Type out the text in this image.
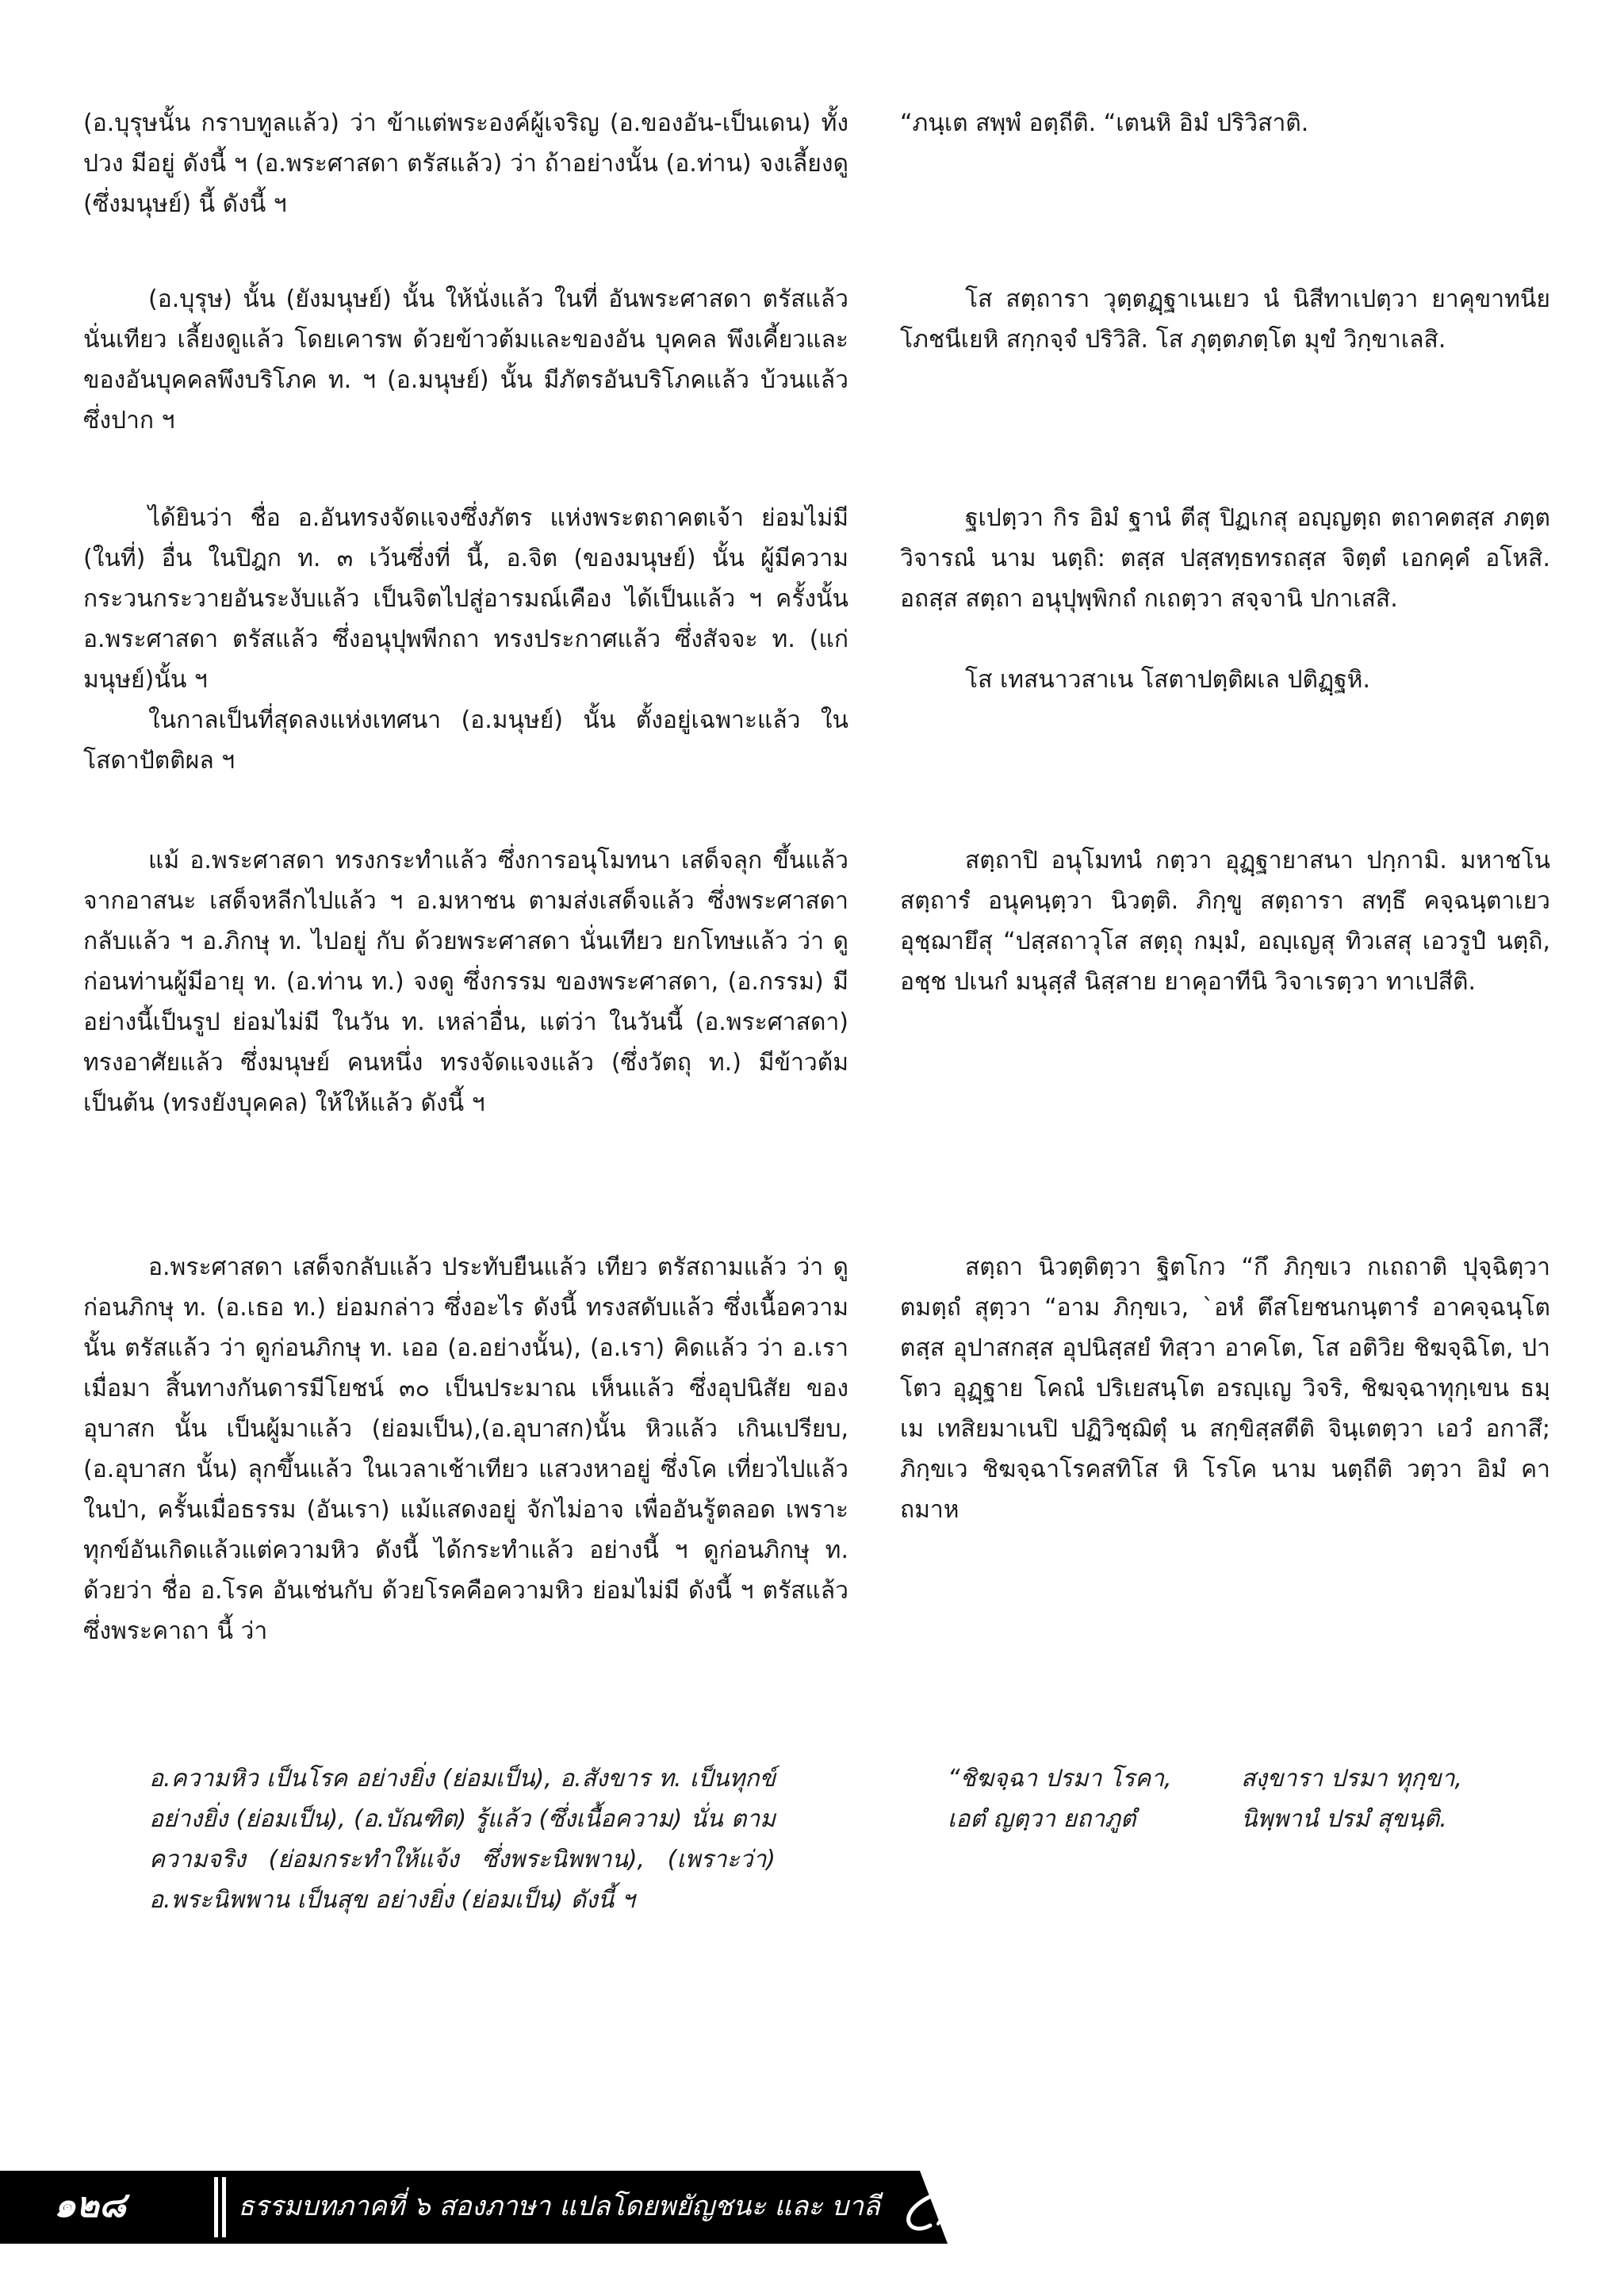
(อ.บุรุษนั้น กราบทูลแล้ว) ว่า ข้าแต่พระองค์ผู้เจริญ (อ.ของอัน-เป็นเดน) ทั้งปวง มีอยู่ ดังนี้ ฯ (อ.พระศาสดา ตรัสแล้ว) ว่า ถ้าอย่างนั้น (อ.ท่าน) จงเลี้ยงดู (ซึ่งมนุษย์) นี้ ดังนี้ ฯ

“ภนฺเต สพฺพํ อตฺถีติ. “เตนหิ อิมํ ปริวิสาติ.

(อ.บุรุษ) นั้น (ยังมนุษย์) นั้น ให้นั่งแล้ว ในที่ อันพระศาสดา ตรัสแล้วนั่นเทียว เลี้ยงดูแล้ว โดยเคารพ ด้วยข้าวต้มและของอัน บุคคล พึงเคี้ยวและของอันบุคคลพึงบริโภค ท. ฯ (อ.มนุษย์) นั้น มีภัตรอันบริโภคแล้ว บ้วนแล้ว ซึ่งปาก ฯ

โส สตฺถารา วุตฺตฏฺฐาเนเยว นํ นิสีทาเปตฺวา ยาคุขาทนียโภชนีเยหิ สกฺกจฺจํ ปริวิสิ. โส ภุตฺตภตฺโต มุขํ วิกฺขาเลสิ.

ได้ยินว่า ชื่อ อ.อันทรงจัดแจงซึ่งภัตร แห่งพระตถาคตเจ้า ย่อมไม่มี (ในที่) อื่น ในปิฎก ท. ๓ เว้นซึ่งที่ นี้, อ.จิต (ของมนุษย์) นั้น ผู้มีความกระวนกระวายอันระงับแล้ว เป็นจิตไปสู่อารมณ์เคือง ได้เป็นแล้ว ฯ ครั้งนั้น อ.พระศาสดา ตรัสแล้ว ซึ่งอนุปุพพีกถา ทรงประกาศแล้ว ซึ่งสัจจะ ท. (แก่มนุษย์)นั้น ฯ

ในกาลเป็นที่สุดลงแห่งเทศนา (อ.มนุษย์) นั้น ตั้งอยู่เฉพาะแล้ว ในโสดาปัตติผล ฯ

ฐเปตฺวา กิร อิมํ ฐานํ ตีสุ ปิฏเกสุ อญฺญตฺถ ตถาคตสฺส ภตฺตวิจารณํ นาม นตฺถิ: ตสฺส ปสฺสทฺธทรถสฺส จิตฺตํ เอกคฺคํ อโหสิ. อถสฺส สตฺถา อนุปุพฺพิกถํ กเถตฺวา สจฺจานิ ปกาเสสิ.

โส เทสนาวสาเน โสตาปตฺติผเล ปติฏฺฐหิ.

แม้ อ.พระศาสดา ทรงกระทำแล้ว ซึ่งการอนุโมทนา เสด็จลุก ขึ้นแล้ว จากอาสนะ เสด็จหลีกไปแล้ว ฯ อ.มหาชน ตามส่งเสด็จแล้ว ซึ่งพระศาสดา กลับแล้ว ฯ อ.ภิกษุ ท. ไปอยู่ กับ ด้วยพระศาสดา นั่นเทียว ยกโทษแล้ว ว่า ดูก่อนท่านผู้มีอายุ ท. (อ.ท่าน ท.) จงดู ซึ่งกรรม ของพระศาสดา, (อ.กรรม) มีอย่างนี้เป็นรูป ย่อมไม่มี ในวัน ท. เหล่าอื่น, แต่ว่า ในวันนี้ (อ.พระศาสดา) ทรงอาศัยแล้ว ซึ่งมนุษย์ คนหนึ่ง ทรงจัดแจงแล้ว (ซึ่งวัตถุ ท.) มีข้าวต้มเป็นต้น (ทรงยังบุคคล) ให้ให้แล้ว ดังนี้ ฯ

สตฺถาปิ อนุโมทนํ กตฺวา อุฏฺฐายาสนา ปกฺกามิ. มหาชโน สตฺถารํ อนุคนฺตฺวา นิวตฺติ. ภิกฺขู สตฺถารา สทฺธึ คจฺฉนฺตาเยว อุชฺฌายึสุ “ปสฺสถาวุโส สตฺถุ กมฺมํ, อญฺเญสุ ทิวเสสุ เอวรูปํ นตฺถิ, อชฺช ปเนกํ มนุสฺสํ นิสฺสาย ยาคุอาทีนิ วิจาเรตฺวา ทาเปสีติ.

อ.พระศาสดา เสด็จกลับแล้ว ประทับยืนแล้ว เทียว ตรัสถามแล้ว ว่า ดูก่อนภิกษุ ท. (อ.เธอ ท.) ย่อมกล่าว ซึ่งอะไร ดังนี้ ทรงสดับแล้ว ซึ่งเนื้อความ นั้น ตรัสแล้ว ว่า ดูก่อนภิกษุ ท. เออ (อ.อย่างนั้น), (อ.เรา) คิดแล้ว ว่า อ.เรา เมื่อมา สิ้นทางกันดารมีโยชน์ ๓๐ เป็นประมาณ เห็นแล้ว ซึ่งอุปนิสัย ของอุบาสก นั้น เป็นผู้มาแล้ว (ย่อมเป็น),(อ.อุบาสก)นั้น หิวแล้ว เกินเปรียบ, (อ.อุบาสก นั้น) ลุกขึ้นแล้ว ในเวลาเช้าเทียว แสวงหาอยู่ ซึ่งโค เที่ยวไปแล้ว ในป่า, ครั้นเมื่อธรรม (อันเรา) แม้แสดงอยู่ จักไม่อาจ เพื่ออันรู้ตลอด เพราะทุกข์อันเกิดแล้วแต่ความหิว ดังนี้ ได้กระทำแล้ว อย่างนี้ ฯ ดูก่อนภิกษุ ท. ด้วยว่า ชื่อ อ.โรค อันเช่นกับ ด้วยโรคคือความหิว ย่อมไม่มี ดังนี้ ฯ ตรัสแล้ว ซึ่งพระคาถา นี้ ว่า

สตฺถา นิวตฺติตฺวา ฐิตโกว “กึ ภิกฺขเว กเถถาติ ปุจฺฉิตฺวา ตมตฺถํ สุตฺวา “อาม ภิกฺขเว, `อหํ ตึสโยชนกนฺตารํ อาคจฺฉนฺโต ตสฺส อุปาสกสฺส อุปนิสฺสยํ ทิสฺวา อาคโต, โส อติวิย ชิฆจฺฉิโต, ปาโตว อุฏฺฐาย โคณํ ปริเยสนฺโต อรญฺเญ วิจริ, ชิฆจฺฉาทุกฺเขน ธมฺเม เทสิยมาเนปิ ปฏิวิชฺฌิตุํ น สกฺขิสฺสตีติ จินฺเตตฺวา เอวํ อกาสึ; ภิกฺขเว ชิฆจฺฉาโรคสทิโส หิ โรโค นาม นตฺถีติ วตฺวา อิมํ คาถมาห

อ.ความหิว เป็นโรค อย่างยิ่ง (ย่อมเป็น), อ.สังขาร ท. เป็นทุกข์ อย่างยิ่ง (ย่อมเป็น), (อ.บัณฑิต) รู้แล้ว (ซึ่งเนื้อความ) นั่น ตามความจริง (ย่อมกระทำให้แจ้ง ซึ่งพระนิพพาน), (เพราะว่า) อ.พระนิพพาน เป็นสุข อย่างยิ่ง (ย่อมเป็น) ดังนี้ ฯ

“ชิฆจฺฉา ปรมา โรคา,	สงฺขารา ปรมา ทุกฺขา,
เอตํ ญตฺวา ยถาภูตํ	นิพฺพานํ ปรมํ สุขนฺติ.
๑๒๘	ธรรมบทภาคที่ ๖ สองภาษา แปลโดยพยัญชนะ และ บาลี
